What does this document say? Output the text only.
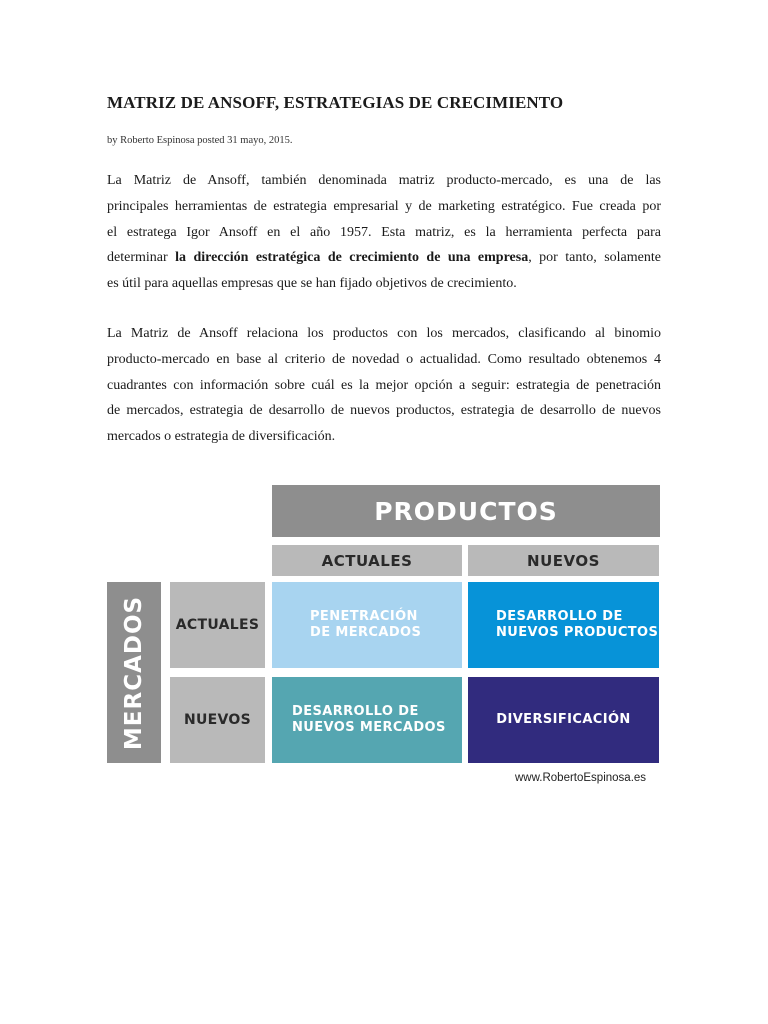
MATRIZ DE ANSOFF, ESTRATEGIAS DE CRECIMIENTO
by Roberto Espinosa posted 31 mayo, 2015.

La Matriz de Ansoff, también denominada matriz producto-mercado, es una de las
principales herramientas de estrategia empresarial y de marketing estratégico. Fue creada por
el estratega Igor Ansoff en el año 1957. Esta matriz, es la herramienta perfecta para
determinar la dirección estratégica de crecimiento de una empresa, por tanto, solamente
es útil para aquellas empresas que se han fijado objetivos de crecimiento.

La Matriz de Ansoff relaciona los productos con los mercados, clasificando al binomio
producto-mercado en base al criterio de novedad o actualidad. Como resultado obtenemos 4
cuadrantes con información sobre cuál es la mejor opción a seguir: estrategia de penetración
de mercados, estrategia de desarrollo de nuevos productos, estrategia de desarrollo de nuevos
mercados o estrategia de diversificación.

PRODUCTOS
ACTUALES	NUEVOS
MERCADOS	ACTUALES
NUEVOS
PENETRACIÓN
DE MERCADOS
DESARROLLO DE
NUEVOS PRODUCTOS
DESARROLLO DE
NUEVOS MERCADOS
DIVERSIFICACIÓN
www.RobertoEspinosa.es
